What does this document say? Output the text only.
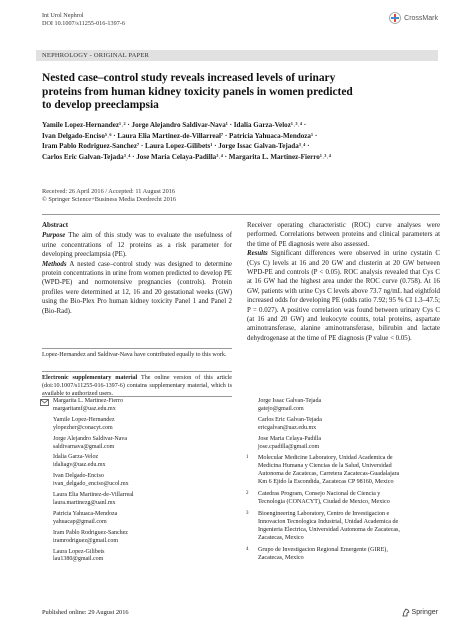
Int Urol Nephrol
DOI 10.1007/s11255-016-1397-6
CrossMark
NEPHROLOGY - ORIGINAL PAPER
Nested case–control study reveals increased levels of urinary
proteins from human kidney toxicity panels in women predicted
to develop preeclampsia
Yamile Lopez-Hernandez¹˒² · Jorge Alejandro Saldivar-Nava¹ · Idalia Garza-Veloz¹˒³˒⁴ ·
Ivan Delgado-Enciso⁵˒⁶ · Laura Elia Martinez-de-Villarreal⁷ · Patricia Yahuaca-Mendoza¹ ·
Iram Pablo Rodriguez-Sanchez⁷ · Laura Lopez-Gilibets¹ · Jorge Issac Galvan-Tejada³˒⁴ ·
Carlos Eric Galvan-Tejada³˒⁴ · Jose Maria Celaya-Padilla³˒⁴ · Margarita L. Martinez-Fierro¹˒³˒⁴
Received: 26 April 2016 / Accepted: 11 August 2016
© Springer Science+Business Media Dordrecht 2016
Abstract

Purpose The aim of this study was to evaluate the usefulness of urine concentrations of 12 proteins as a risk parameter for developing preeclampsia (PE).

Methods A nested case–control study was designed to determine protein concentrations in urine from women predicted to develop PE (WPD-PE) and normotensive pregnancies (controls). Protein profiles were determined at 12, 16 and 20 gestational weeks (GW) using the Bio-Plex Pro human kidney toxicity Panel 1 and Panel 2 (Bio-Rad).

Receiver operating characteristic (ROC) curve analyses were performed. Correlations between proteins and clinical parameters at the time of PE diagnosis were also assessed.

Results Significant differences were observed in urine cystatin C (Cys C) levels at 16 and 20 GW and clusterin at 20 GW between WPD-PE and controls (P < 0.05). ROC analysis revealed that Cys C at 16 GW had the highest area under the ROC curve (0.758). At 16 GW, patients with urine Cys C levels above 73.7 ng/mL had eightfold increased odds for developing PE (odds ratio 7.92; 95 % CI 1.3–47.5; P = 0.027). A positive correlation was found between urinary Cys C (at 16 and 20 GW) and leukocyte counts, total proteins, aspartate aminotransferase, alanine aminotransferase, bilirubin and lactate dehydrogenase at the time of PE diagnosis (P value < 0.05).

Lopez-Hernandez and Saldivar-Nava have contributed equally to this work.

Electronic supplementary material The online version of this article (doi:10.1007/s11255-016-1397-6) contains supplementary material, which is available to authorized users.

Margarita L. Martinez-Fierro
margaritamf@uaz.edu.mx
Yamile Lopez-Hernandez
ylopezher@conacyt.com
Jorge Alejandro Saldivar-Nava
saldivarnava@gmail.com
Idalia Garza-Veloz
idaliagv@uaz.edu.mx
Ivan Delgado-Enciso
ivan_delgado_enciso@ucol.mx
Laura Elia Martinez-de-Villarreal
laura.martinezg@uanl.mx
Patricia Yahuaca-Mendoza
yahuacap@gmail.com
Iram Pablo Rodriguez-Sanchez
iramrodriguez@gmail.com
Laura Lopez-Gilibets
lau1380@gmail.com
Jorge Issac Galvan-Tejada
gatejo@gmail.com
Carlos Eric Galvan-Tejada
ericgalvan@uaz.edu.mx
Jose Maria Celaya-Padilla
jose.cpadilla@gmail.com
1	Molecular Medicine Laboratory, Unidad Academica de
Medicina Humana y Ciencias de la Salud, Universidad
Autonoma de Zacatecas, Carretera Zacatecas-Guadalajara
Km 6 Ejido la Escondida, Zacatecas CP 98160, Mexico
2	Catedras Program, Consejo Nacional de Ciencia y
Tecnologia (CONACYT), Ciudad de Mexico, Mexico
3	Bioengineering Laboratory, Centro de Investigacion e
Innovacion Tecnologica Industrial, Unidad Academica de
Ingenieria Electrica, Universidad Autonoma de Zacatecas,
Zacatecas, Mexico
4	Grupo de Investigacion Regional Emergente (GIRE),
Zacatecas, Mexico
Published online: 29 August 2016	Springer
